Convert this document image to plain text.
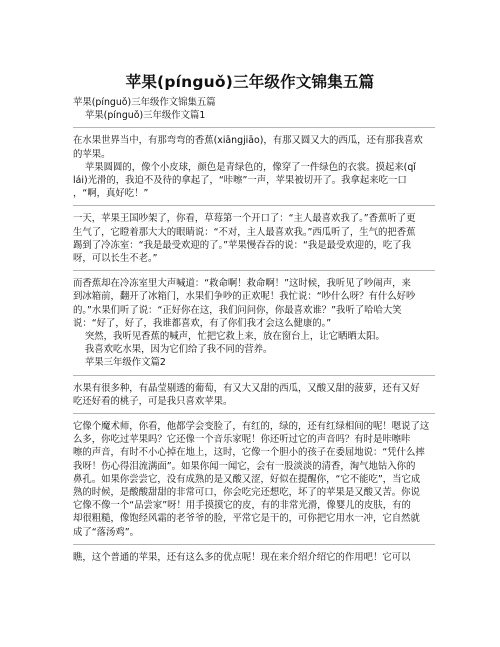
苹果(pínguǒ)三年级作文锦集五篇

苹果(pínguǒ)三年级作文锦集五篇

苹果(pínguǒ)三年级作文篇1

在水果世界当中，有那弯弯的香蕉(xiāngjiāo)，有那又圆又大的西瓜，还有那我喜欢

的苹果。

苹果圆圆的，像个小皮球，颜色是青绿色的，像穿了一件绿色的衣裳。摸起来(qǐ

lái)光滑的，我迫不及待的拿起了，“咔嚓”一声，苹果被切开了。我拿起来吃一口

，“啊，真好吃！”

一天，苹果王国吵架了，你看，草莓第一个开口了：“主人最喜欢我了。”香蕉听了更

生气了，它瞪着那大大的眼睛说：“不对，主人最喜欢我。”西瓜听了，生气的把香蕉

踢到了冷冻室：“我是最受欢迎的了。”苹果慢吞吞的说：“我是最受欢迎的，吃了我

呀，可以长生不老。”

而香蕉却在冷冻室里大声喊道：“救命啊！救命啊！”这时候，我听见了吵闹声，来

到冰箱前，翻开了冰箱门，水果们争吵的正欢呢！我忙说：“吵什么呀？有什么好吵

的。”水果们听了说：“正好你在这，我们问问你，你最喜欢谁？”我听了哈哈大笑

说：“好了，好了，我谁都喜欢，有了你们我才会这么健康的。”

突然，我听见香蕉的喊声，忙把它救上来，放在窗台上，让它晒晒太阳。

我喜欢吃水果，因为它们给了我不同的营养。

苹果三年级作文篇2

水果有很多种，有晶莹剔透的葡萄，有又大又甜的西瓜，又酸又甜的菠萝，还有又好

吃还好看的桃子，可是我只喜欢苹果。

它像个魔术师，你看，他都学会变脸了，有红的，绿的，还有红绿相间的呢！嗯说了这

么多，你吃过苹果吗？它还像一个音乐家呢！你还听过它的声音吗？有时是咔嚓咔

嚓的声音，有时不小心掉在地上，这时，它像一个胆小的孩子在委屈地说：“凭什么摔

我呀！伤心得泪流满面”。如果你闻一闻它，会有一股淡淡的清香，淘气地钻入你的

鼻孔。如果你尝尝它，没有成熟的是又酸又涩，好似在提醒你，“它不能吃”，当它成

熟的时候，是酸酸甜甜的非常可口，你会吃完还想吃，坏了的苹果是又酸又苦。你说

它像不像一个“品尝家”呀！用手摸摸它的皮，有的非常光滑，像婴儿的皮肤，有的

却很粗糙，像饱经风霜的老爷爷的脸，平常它是干的，可你把它用水一冲，它自然就

成了“落汤鸡”。

瞧，这个普通的苹果，还有这么多的优点呢！现在来介绍介绍它的作用吧！它可以
